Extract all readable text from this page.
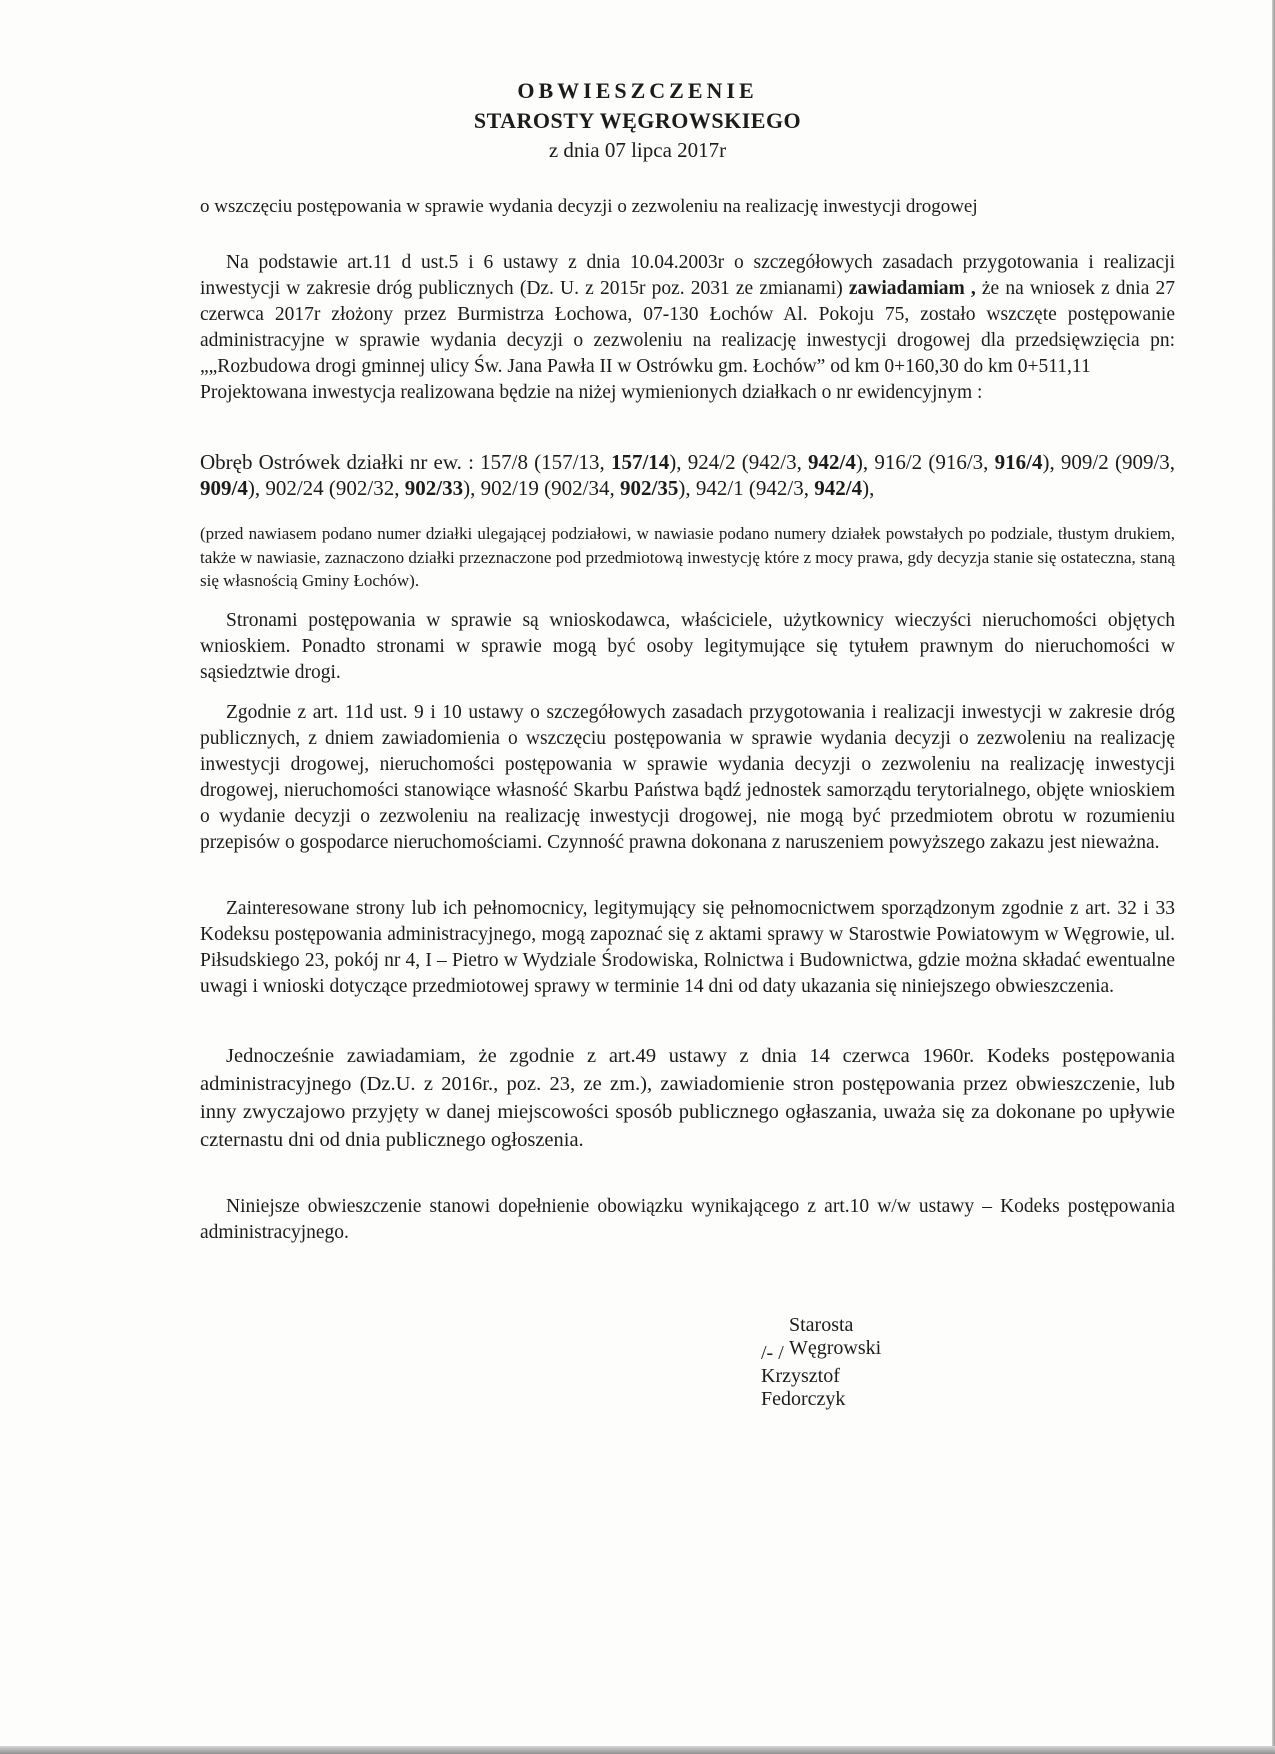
OBWIESZCZENIE

STAROSTY WĘGROWSKIEGO

z dnia 07 lipca 2017r

o wszczęciu postępowania w sprawie wydania decyzji o zezwoleniu na realizację inwestycji drogowej

Na podstawie art.11 d ust.5 i 6 ustawy z dnia 10.04.2003r o szczegółowych zasadach przygotowania i realizacji inwestycji w zakresie dróg publicznych (Dz. U. z 2015r poz. 2031 ze zmianami) zawiadamiam , że na wniosek z dnia 27 czerwca 2017r złożony przez Burmistrza Łochowa, 07-130 Łochów Al. Pokoju 75, zostało wszczęte postępowanie administracyjne w sprawie wydania decyzji o zezwoleniu na realizację inwestycji drogowej dla przedsięwzięcia pn: „„Rozbudowa drogi gminnej ulicy Św. Jana Pawła II w Ostrówku gm. Łochów” od km 0+160,30 do km 0+511,11
Projektowana inwestycja realizowana będzie na niżej wymienionych działkach o nr ewidencyjnym :

Obręb Ostrówek działki nr ew. : 157/8 (157/13, 157/14), 924/2 (942/3, 942/4), 916/2 (916/3, 916/4), 909/2 (909/3, 909/4), 902/24 (902/32, 902/33), 902/19 (902/34, 902/35), 942/1 (942/3, 942/4),

(przed nawiasem podano numer działki ulegającej podziałowi, w nawiasie podano numery działek powstałych po podziale, tłustym drukiem, także w nawiasie, zaznaczono działki przeznaczone pod przedmiotową inwestycję które z mocy prawa, gdy decyzja stanie się ostateczna, staną się własnością Gminy Łochów).

Stronami postępowania w sprawie są wnioskodawca, właściciele, użytkownicy wieczyści nieruchomości objętych wnioskiem. Ponadto stronami w sprawie mogą być osoby legitymujące się tytułem prawnym do nieruchomości w sąsiedztwie drogi.

Zgodnie z art. 11d ust. 9 i 10 ustawy o szczegółowych zasadach przygotowania i realizacji inwestycji w zakresie dróg publicznych, z dniem zawiadomienia o wszczęciu postępowania w sprawie wydania decyzji o zezwoleniu na realizację inwestycji drogowej, nieruchomości postępowania w sprawie wydania decyzji o zezwoleniu na realizację inwestycji drogowej, nieruchomości stanowiące własność Skarbu Państwa bądź jednostek samorządu terytorialnego, objęte wnioskiem o wydanie decyzji o zezwoleniu na realizację inwestycji drogowej, nie mogą być przedmiotem obrotu w rozumieniu przepisów o gospodarce nieruchomościami. Czynność prawna dokonana z naruszeniem powyższego zakazu jest nieważna.

Zainteresowane strony lub ich pełnomocnicy, legitymujący się pełnomocnictwem sporządzonym zgodnie z art. 32 i 33 Kodeksu postępowania administracyjnego, mogą zapoznać się z aktami sprawy w Starostwie Powiatowym w Węgrowie, ul. Piłsudskiego 23, pokój nr 4, I – Pietro w Wydziale Środowiska, Rolnictwa i Budownictwa, gdzie można składać ewentualne uwagi i wnioski dotyczące przedmiotowej sprawy w terminie 14 dni od daty ukazania się niniejszego obwieszczenia.

Jednocześnie zawiadamiam, że zgodnie z art.49 ustawy z dnia 14 czerwca 1960r. Kodeks postępowania administracyjnego (Dz.U. z 2016r., poz. 23, ze zm.), zawiadomienie stron postępowania przez obwieszczenie, lub inny zwyczajowo przyjęty w danej miejscowości sposób publicznego ogłaszania, uważa się za dokonane po upływie czternastu dni od dnia publicznego ogłoszenia.

Niniejsze obwieszczenie stanowi dopełnienie obowiązku wynikającego z art.10 w/w ustawy – Kodeks postępowania administracyjnego.

Starosta Węgrowski

/- / Krzysztof Fedorczyk
